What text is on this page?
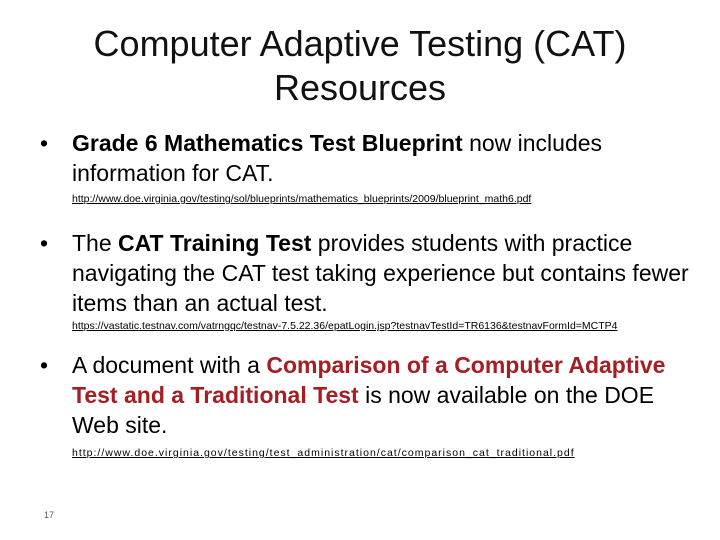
Computer Adaptive Testing (CAT)
Resources
• Grade 6 Mathematics Test Blueprint now includes information for CAT.
http://www.doe.virginia.gov/testing/sol/blueprints/mathematics_blueprints/2009/blueprint_math6.pdf
• The CAT Training Test provides students with practice navigating the CAT test taking experience but contains fewer items than an actual test.
https://vastatic.testnav.com/vatrngqc/testnav-7.5.22.36/epatLogin.jsp?testnavTestId=TR6136&testnavFormId=MCTP4
• A document with a Comparison of a Computer Adaptive Test and a Traditional Test is now available on the DOE Web site.
http://www.doe.virginia.gov/testing/test_administration/cat/comparison_cat_traditional.pdf
17
